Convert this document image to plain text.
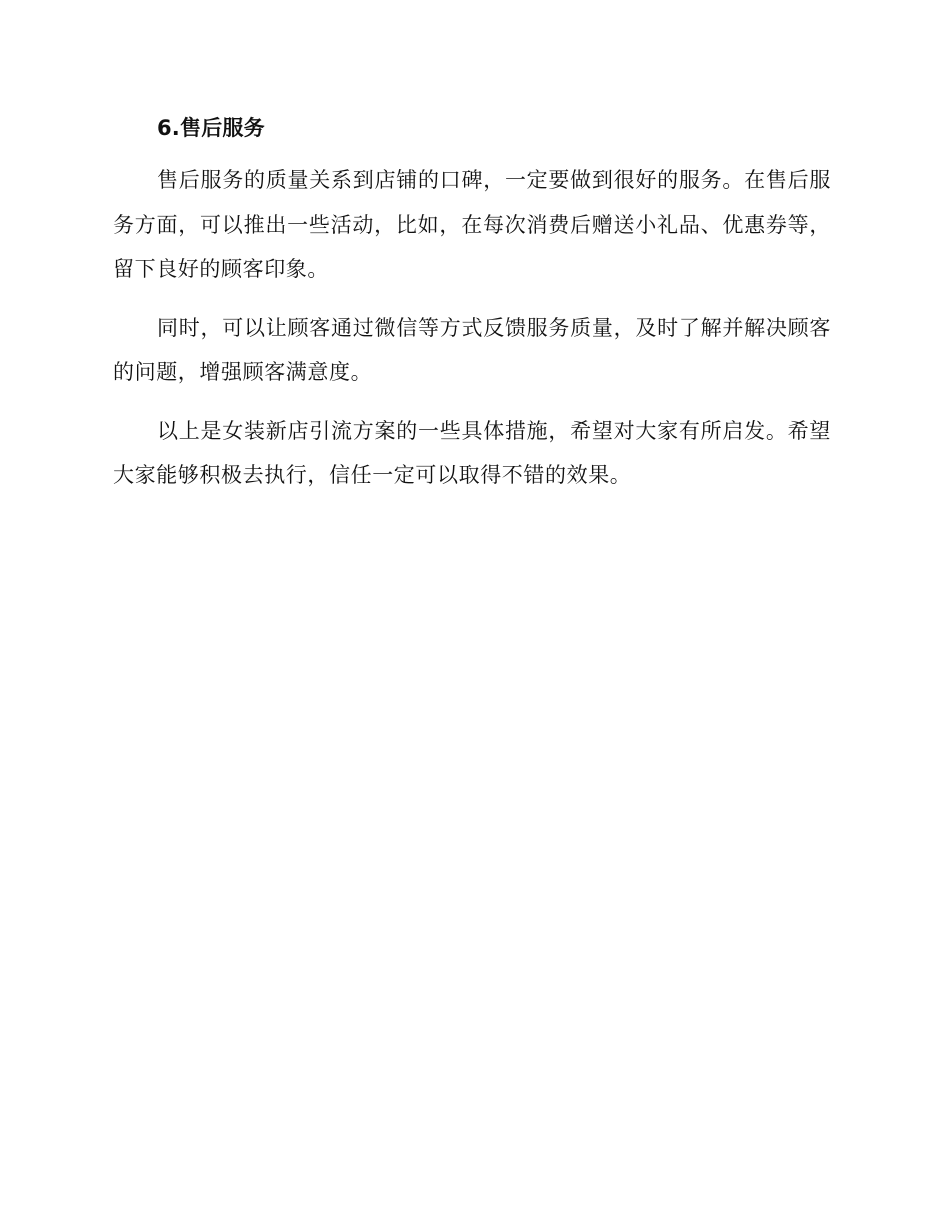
6.售后服务

售后服务的质量关系到店铺的口碑，一定要做到很好的服务。在售后服务方面，可以推出一些活动，比如，在每次消费后赠送小礼品、优惠券等，留下良好的顾客印象。

同时，可以让顾客通过微信等方式反馈服务质量，及时了解并解决顾客的问题，增强顾客满意度。

以上是女装新店引流方案的一些具体措施，希望对大家有所启发。希望大家能够积极去执行，信任一定可以取得不错的效果。
